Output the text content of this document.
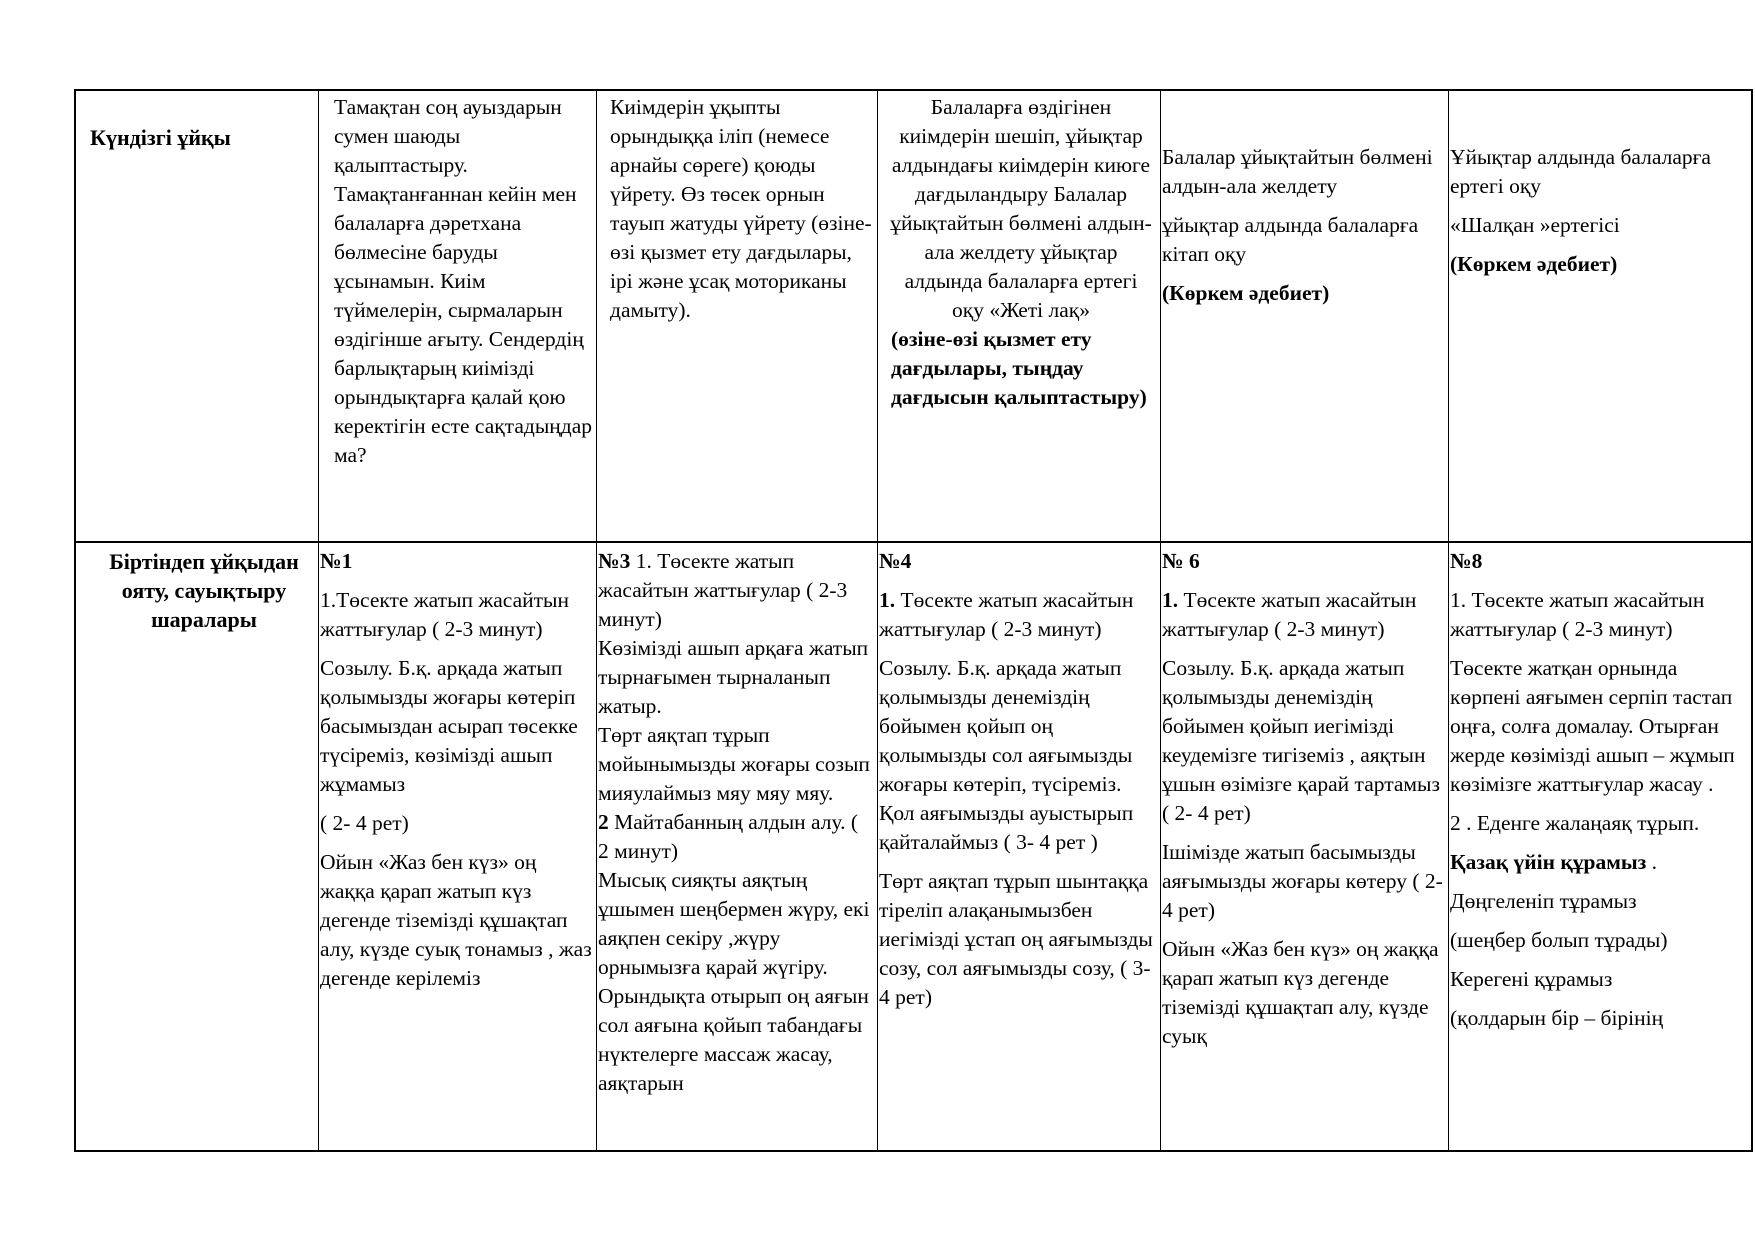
Күндізгі ұйқы

Тамақтан соң ауыздарын сумен шаюды қалыптастыру. Тамақтанғаннан кейін мен балаларға дәретхана бөлмесіне баруды ұсынамын. Киім түймелерін, сырмаларын өздігінше ағыту. Сендердің барлықтарың киімізді орындықтарға қалай қою керектігін есте сақтадыңдар ма?

Киімдерін ұқыпты орындыққа іліп (немесе арнайы сөреге) қоюды үйрету. Өз төсек орнын тауып жатуды үйрету (өзіне-өзі қызмет ету дағдылары, ірі және ұсақ моториканы дамыту).

Балаларға өздігінен киімдерін шешіп, ұйықтар алдындағы киімдерін киюге дағдыландыру Балалар ұйықтайтын бөлмені алдын-ала желдету ұйықтар алдында балаларға ертегі оқу «Жеті лақ»

(өзіне-өзі қызмет ету дағдылары, тыңдау дағдысын қалыптастыру)

Балалар ұйықтайтын бөлмені алдын-ала желдету

ұйықтар алдында балаларға кітап оқу

(Көркем әдебиет)

Ұйықтар алдында балаларға ертегі оқу

«Шалқан »ертегісі

(Көркем әдебиет)

Біртіндеп ұйқыдан ояту, сауықтыру шаралары

№1

1.Төсекте жатып жасайтын жаттығулар ( 2-3 минут)

Созылу. Б.қ. арқада жатып қолымызды жоғары көтеріп басымыздан асырап төсекке түсіреміз, көзімізді ашып жұмамыз

( 2- 4 рет)

Ойын «Жаз бен күз» оң жаққа қарап жатып күз дегенде тіземізді құшақтап алу, күзде суық тонамыз , жаз дегенде керілеміз

№3 1. Төсекте жатып жасайтын жаттығулар ( 2-3 минут)

Көзімізді ашып арқаға жатып тырнағымен тырналанып жатыр.

Төрт аяқтап тұрып мойынымызды жоғары созып мияулаймыз мяу мяу мяу.

2 Майтабанның алдын алу. ( 2 минут)

Мысық сияқты аяқтың ұшымен шеңбермен жүру, екі аяқпен секіру ,жүру орнымызға қарай жүгіру.

Орындықта отырып оң аяғын сол аяғына қойып табандағы нүктелерге массаж жасау, аяқтарын

№4

1. Төсекте жатып жасайтын жаттығулар ( 2-3 минут)

Созылу. Б.қ. арқада жатып қолымызды денеміздің бойымен қойып оң қолымызды сол аяғымызды жоғары көтеріп, түсіреміз. Қол аяғымызды ауыстырып қайталаймыз ( 3- 4 рет )

Төрт аяқтап тұрып шынтаққа тіреліп алақанымызбен иегімізді ұстап оң аяғымызды созу, сол аяғымызды созу, ( 3-4 рет)

№ 6

1. Төсекте жатып жасайтын жаттығулар ( 2-3 минут)

Созылу. Б.қ. арқада жатып қолымызды денеміздің бойымен қойып иегімізді кеудемізге тигіземіз , аяқтын ұшын өзімізге қарай тартамыз ( 2- 4 рет)

Ішімізде жатып басымызды аяғымызды жоғары көтеру ( 2- 4 рет)

Ойын «Жаз бен күз» оң жаққа қарап жатып күз дегенде тіземізді құшақтап алу, күзде суық

№8

1. Төсекте жатып жасайтын жаттығулар ( 2-3 минут)

Төсекте жатқан орнында көрпені аяғымен серпіп тастап оңға, солға домалау. Отырған жерде көзімізді ашып – жұмып көзімізге жаттығулар жасау .

2 . Еденге жалаңаяқ тұрып.

Қазақ үйін құрамыз .

Дөңгеленіп тұрамыз

(шеңбер болып тұрады)

Керегені құрамыз

(қолдарын бір – бірінің
